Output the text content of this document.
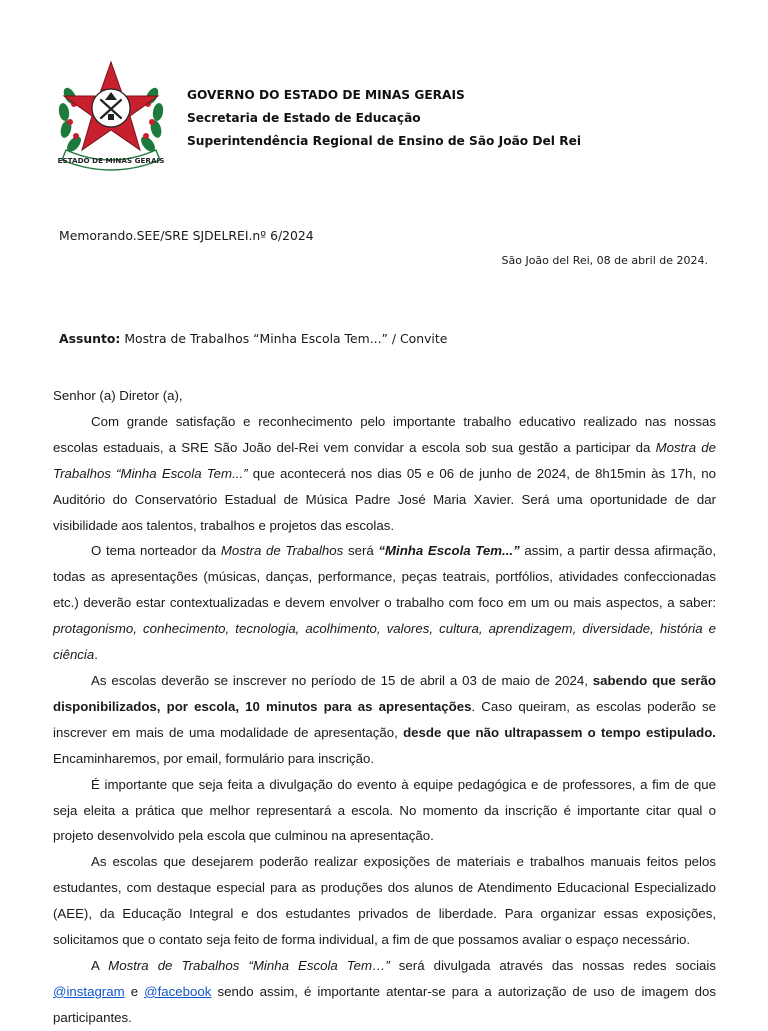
ESTADO DE MINAS GERAIS
GOVERNO DO ESTADO DE MINAS GERAIS
Secretaria de Estado de Educação
Superintendência Regional de Ensino de São João Del Rei
Memorando.SEE/SRE SJDELREI.nº 6/2024
São João del Rei, 08 de abril de 2024.
Assunto: Mostra de Trabalhos “Minha Escola Tem...” / Convite

Senhor (a) Diretor (a),

Com grande satisfação e reconhecimento pelo importante trabalho educativo realizado nas nossas escolas estaduais, a SRE São João del-Rei vem convidar a escola sob sua gestão a participar da Mostra de Trabalhos “Minha Escola Tem...” que acontecerá nos dias 05 e 06 de junho de 2024, de 8h15min às 17h, no Auditório do Conservatório Estadual de Música Padre José Maria Xavier. Será uma oportunidade de dar visibilidade aos talentos, trabalhos e projetos das escolas.

O tema norteador da Mostra de Trabalhos será “Minha Escola Tem...” assim, a partir dessa afirmação, todas as apresentações (músicas, danças, performance, peças teatrais, portfólios, atividades confeccionadas etc.) deverão estar contextualizadas e devem envolver o trabalho com foco em um ou mais aspectos, a saber: protagonismo, conhecimento, tecnologia, acolhimento, valores, cultura, aprendizagem, diversidade, história e ciência.

As escolas deverão se inscrever no período de 15 de abril a 03 de maio de 2024, sabendo que serão disponibilizados, por escola, 10 minutos para as apresentações. Caso queiram, as escolas poderão se inscrever em mais de uma modalidade de apresentação, desde que não ultrapassem o tempo estipulado. Encaminharemos, por email, formulário para inscrição.

É importante que seja feita a divulgação do evento à equipe pedagógica e de professores, a fim de que seja eleita a prática que melhor representará a escola. No momento da inscrição é importante citar qual o projeto desenvolvido pela escola que culminou na apresentação.

As escolas que desejarem poderão realizar exposições de materiais e trabalhos manuais feitos pelos estudantes, com destaque especial para as produções dos alunos de Atendimento Educacional Especializado (AEE), da Educação Integral e dos estudantes privados de liberdade. Para organizar essas exposições, solicitamos que o contato seja feito de forma individual, a fim de que possamos avaliar o espaço necessário.

A Mostra de Trabalhos “Minha Escola Tem…” será divulgada através das nossas redes sociais @instagram e @facebook sendo assim, é importante atentar-se para a autorização de uso de imagem dos participantes.
